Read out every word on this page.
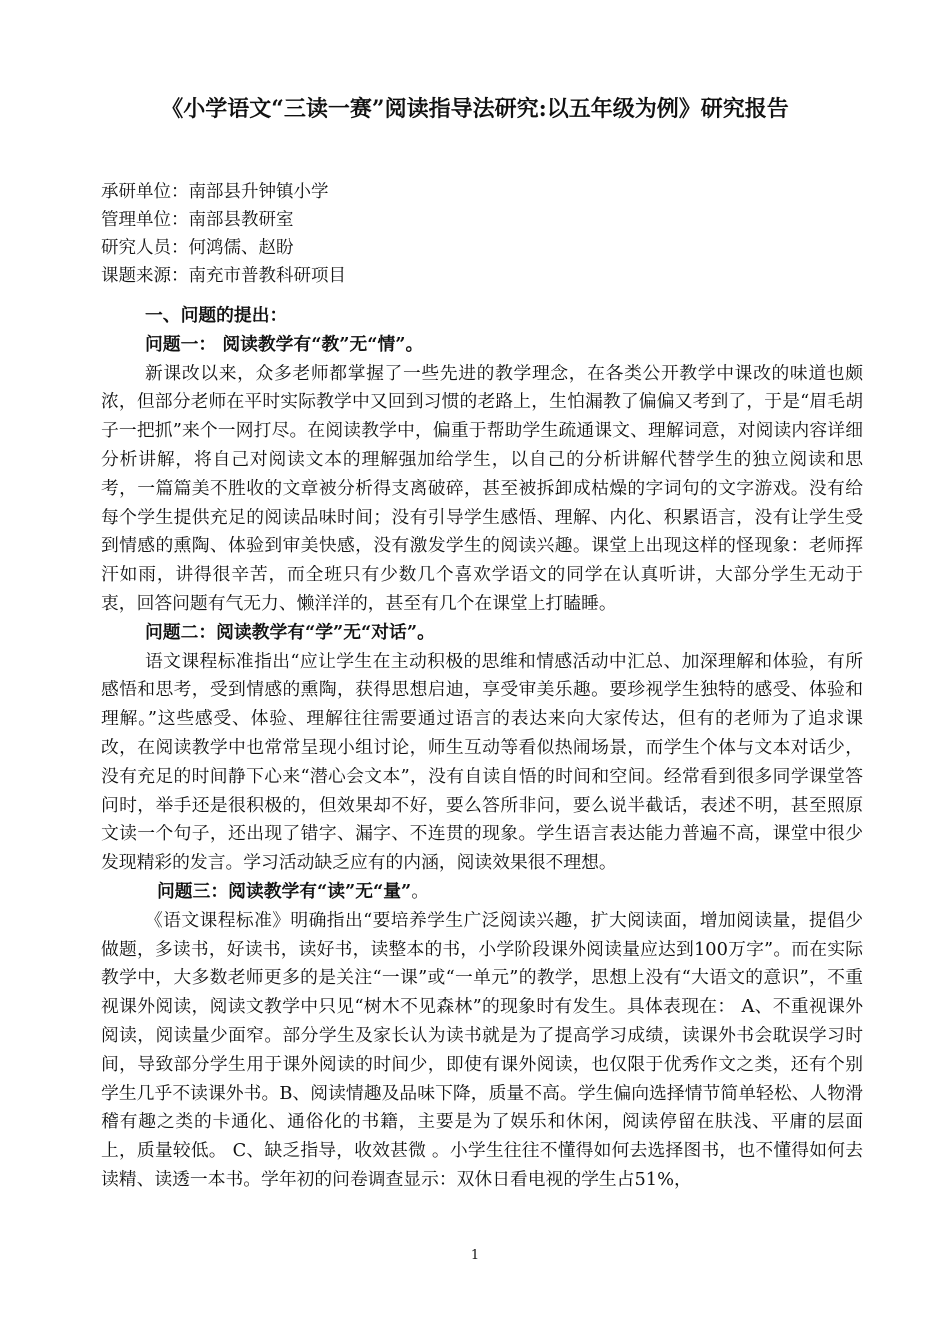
《小学语文“三读一赛”阅读指导法研究:以五年级为例》研究报告
承研单位：南部县升钟镇小学
管理单位：南部县教研室
研究人员：何鸿儒、赵盼
课题来源：南充市普教科研项目
一、问题的提出：
问题一： 阅读教学有“教”无“情”。

新课改以来，众多老师都掌握了一些先进的教学理念，在各类公开教学中课改的味道也颇浓，但部分老师在平时实际教学中又回到习惯的老路上，生怕漏教了偏偏又考到了，于是“眉毛胡子一把抓”来个一网打尽。在阅读教学中，偏重于帮助学生疏通课文、理解词意，对阅读内容详细分析讲解，将自己对阅读文本的理解强加给学生，以自己的分析讲解代替学生的独立阅读和思考，一篇篇美不胜收的文章被分析得支离破碎，甚至被拆卸成枯燥的字词句的文字游戏。没有给每个学生提供充足的阅读品味时间；没有引导学生感悟、理解、内化、积累语言，没有让学生受到情感的熏陶、体验到审美快感，没有激发学生的阅读兴趣。课堂上出现这样的怪现象：老师挥汗如雨，讲得很辛苦，而全班只有少数几个喜欢学语文的同学在认真听讲，大部分学生无动于衷，回答问题有气无力、懒洋洋的，甚至有几个在课堂上打瞌睡。

问题二：阅读教学有“学”无“对话”。

语文课程标准指出“应让学生在主动积极的思维和情感活动中汇总、加深理解和体验，有所感悟和思考，受到情感的熏陶，获得思想启迪，享受审美乐趣。要珍视学生独特的感受、体验和理解。”这些感受、体验、理解往往需要通过语言的表达来向大家传达，但有的老师为了追求课改，在阅读教学中也常常呈现小组讨论，师生互动等看似热闹场景，而学生个体与文本对话少，没有充足的时间静下心来“潜心会文本”，没有自读自悟的时间和空间。经常看到很多同学课堂答问时，举手还是很积极的，但效果却不好，要么答所非问，要么说半截话，表述不明，甚至照原文读一个句子，还出现了错字、漏字、不连贯的现象。学生语言表达能力普遍不高，课堂中很少发现精彩的发言。学习活动缺乏应有的内涵，阅读效果很不理想。

问题三：阅读教学有“读”无“量”。

《语文课程标准》明确指出“要培养学生广泛阅读兴趣，扩大阅读面，增加阅读量，提倡少做题，多读书，好读书，读好书，读整本的书，小学阶段课外阅读量应达到100万字”。而在实际教学中，大多数老师更多的是关注“一课”或“一单元”的教学，思想上没有“大语文的意识”，不重视课外阅读，阅读文教学中只见“树木不见森林”的现象时有发生。具体表现在： A、不重视课外阅读，阅读量少面窄。部分学生及家长认为读书就是为了提高学习成绩，读课外书会耽误学习时间，导致部分学生用于课外阅读的时间少，即使有课外阅读，也仅限于优秀作文之类，还有个别学生几乎不读课外书。B、阅读情趣及品味下降，质量不高。学生偏向选择情节简单轻松、人物滑稽有趣之类的卡通化、通俗化的书籍，主要是为了娱乐和休闲，阅读停留在肤浅、平庸的层面上，质量较低。 C、缺乏指导，收效甚微 。小学生往往不懂得如何去选择图书，也不懂得如何去读精、读透一本书。学年初的问卷调查显示：双休日看电视的学生占51%，

1
